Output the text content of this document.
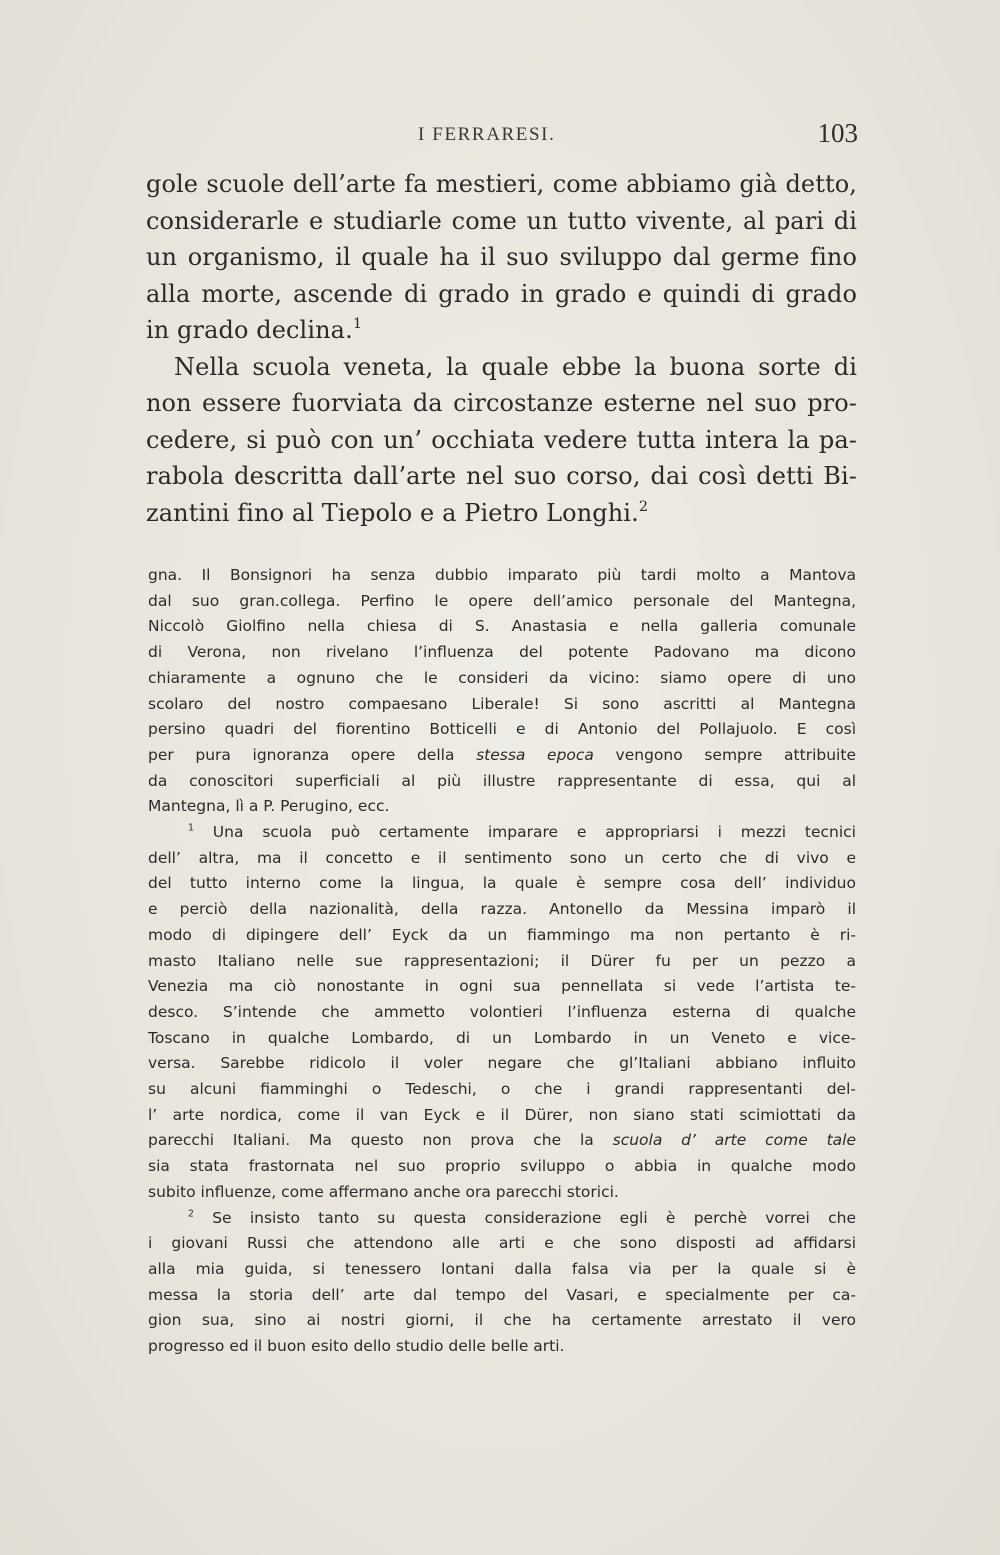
I FERRARESI.	103
gole scuole dell’arte fa mestieri, come abbiamo già detto,
considerarle e studiarle come un tutto vivente, al pari di
un organismo, il quale ha il suo sviluppo dal germe fino
alla morte, ascende di grado in grado e quindi di grado
in grado declina.$^1$
Nella scuola veneta, la quale ebbe la buona sorte di
non essere fuorviata da circostanze esterne nel suo pro-
cedere, si può con un’ occhiata vedere tutta intera la pa-
rabola descritta dall’arte nel suo corso, dai così detti Bi-
zantini fino al Tiepolo e a Pietro Longhi.$^2$
gna. Il Bonsignori ha senza dubbio imparato più tardi molto a Mantova
dal suo gran.collega. Perfino le opere dell’amico personale del Mantegna,
Niccolò Giolfino nella chiesa di S. Anastasia e nella galleria comunale
di Verona, non rivelano l’influenza del potente Padovano ma dicono
chiaramente a ognuno che le consideri da vicino: siamo opere di uno
scolaro del nostro compaesano Liberale! Si sono ascritti al Mantegna
persino quadri del fiorentino Botticelli e di Antonio del Pollajuolo. E così
per pura ignoranza opere della stessa epoca vengono sempre attribuite
da conoscitori superficiali al più illustre rappresentante di essa, qui al
Mantegna, lì a P. Perugino, ecc.
$^1$ Una scuola può certamente imparare e appropriarsi i mezzi tecnici
dell’ altra, ma il concetto e il sentimento sono un certo che di vivo e
del tutto interno come la lingua, la quale è sempre cosa dell’ individuo
e perciò della nazionalità, della razza. Antonello da Messina imparò il
modo di dipingere dell’ Eyck da un fiammingo ma non pertanto è ri-
masto Italiano nelle sue rappresentazioni; il Dürer fu per un pezzo a
Venezia ma ciò nonostante in ogni sua pennellata si vede l’artista te-
desco. S’intende che ammetto volontieri l’influenza esterna di qualche
Toscano in qualche Lombardo, di un Lombardo in un Veneto e vice-
versa. Sarebbe ridicolo il voler negare che gl’Italiani abbiano influito
su alcuni fiamminghi o Tedeschi, o che i grandi rappresentanti del-
l’ arte nordica, come il van Eyck e il Dürer, non siano stati scimiottati da
parecchi Italiani. Ma questo non prova che la scuola d’ arte come tale
sia stata frastornata nel suo proprio sviluppo o abbia in qualche modo
subito influenze, come affermano anche ora parecchi storici.
$^2$ Se insisto tanto su questa considerazione egli è perchè vorrei che
i giovani Russi che attendono alle arti e che sono disposti ad affidarsi
alla mia guida, si tenessero lontani dalla falsa via per la quale si è
messa la storia dell’ arte dal tempo del Vasari, e specialmente per ca-
gion sua, sino ai nostri giorni, il che ha certamente arrestato il vero
progresso ed il buon esito dello studio delle belle arti.
